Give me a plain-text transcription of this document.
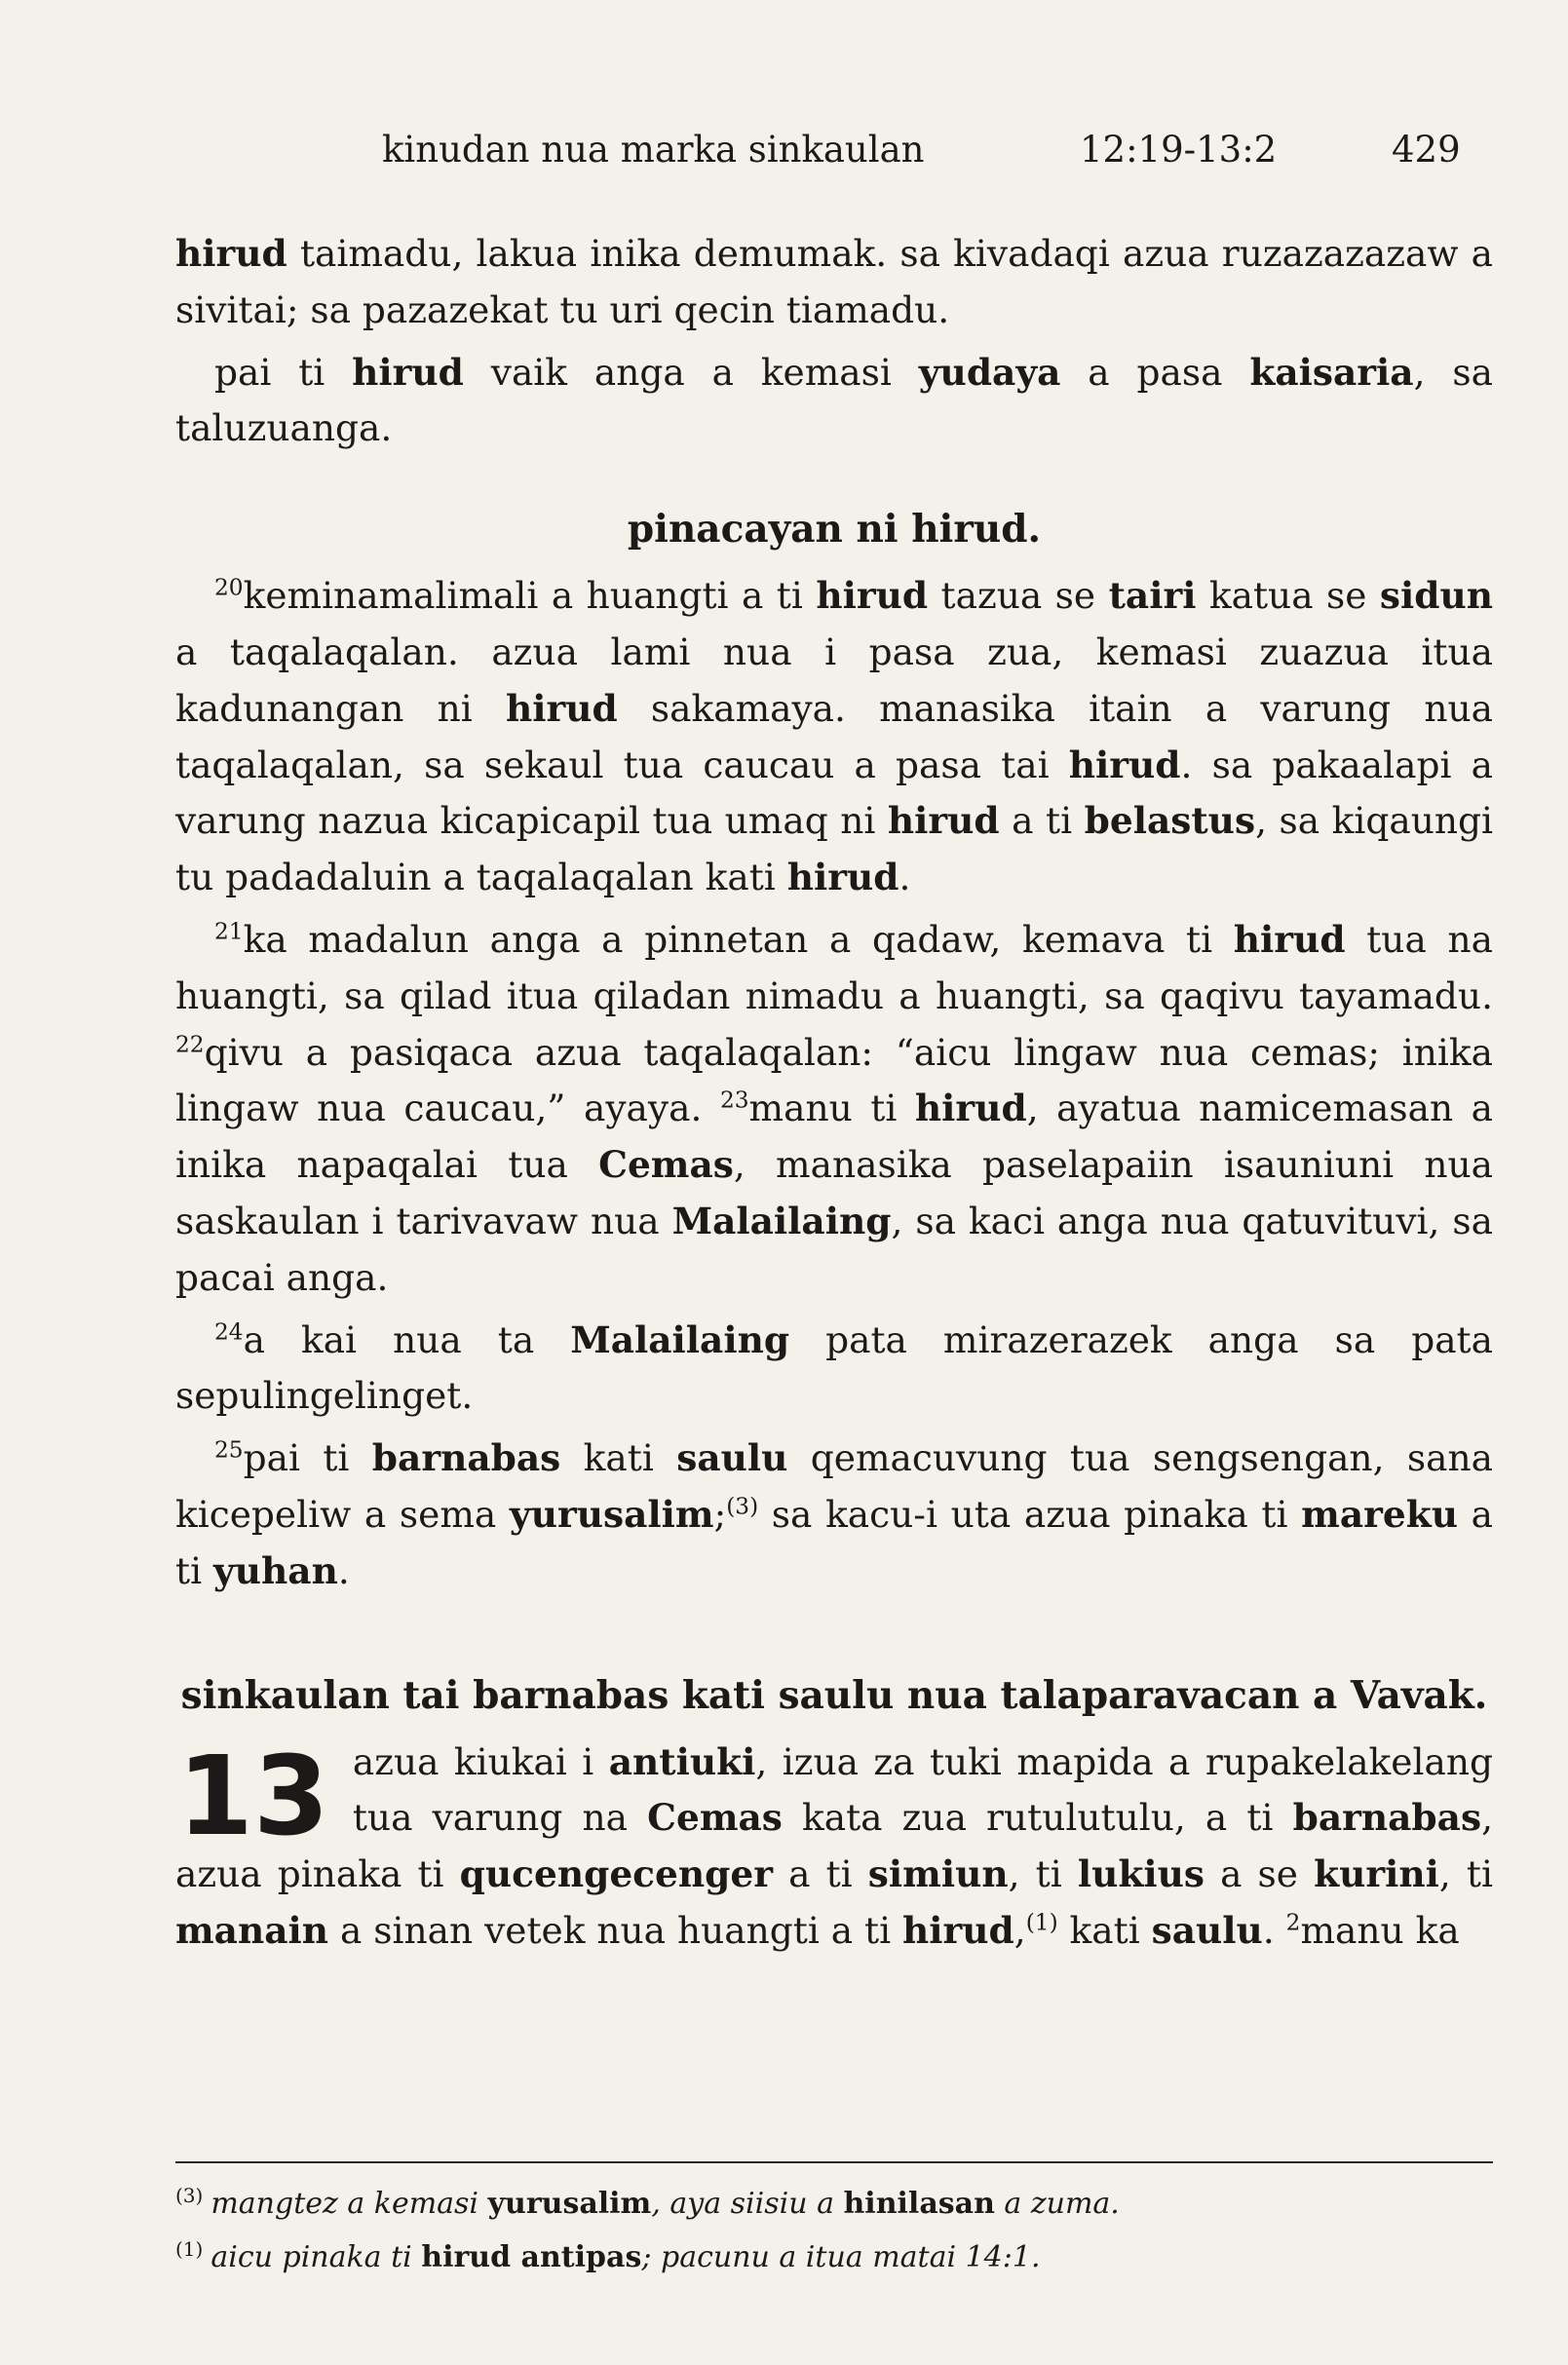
kinudan nua marka sinkaulan	12:19-13:2	429

hirud taimadu, lakua inika demumak. sa kivadaqi azua ruzazazazaw a sivitai; sa pazazekat tu uri qecin tiamadu.

pai ti hirud vaik anga a kemasi yudaya a pasa kaisaria, sa taluzuanga.

pinacayan ni hirud.

$^{20}$keminamalimali a huangti a ti hirud tazua se tairi katua se sidun a taqalaqalan. azua lami nua i pasa zua, kemasi zuazua itua kadunangan ni hirud sakamaya. manasika itain a varung nua taqalaqalan, sa sekaul tua caucau a pasa tai hirud. sa pakaalapi a varung nazua kicapicapil tua umaq ni hirud a ti belastus, sa kiqaungi tu padadaluin a taqalaqalan kati hirud.

$^{21}$ka madalun anga a pinnetan a qadaw, kemava ti hirud tua na huangti, sa qilad itua qiladan nimadu a huangti, sa qaqivu tayamadu. $^{22}$qivu a pasiqaca azua taqalaqalan: “aicu lingaw nua cemas; inika lingaw nua caucau,” ayaya. $^{23}$manu ti hirud, ayatua namicemasan a inika napaqalai tua Cemas, manasika paselapaiin isauniuni nua saskaulan i tarivavaw nua Malailaing, sa kaci anga nua qatuvituvi, sa pacai anga.

$^{24}$a kai nua ta Malailaing pata mirazerazek anga sa pata sepulingelinget.

$^{25}$pai ti barnabas kati saulu qemacuvung tua sengsengan, sana kicepeliw a sema yurusalim;$^{(3)}$ sa kacu-i uta azua pinaka ti mareku a ti yuhan.

sinkaulan tai barnabas kati saulu nua talaparavacan a Vavak.
13 azua kiukai i antiuki, izua za tuki mapida a rupakelakelang tua varung na Cemas kata zua rutulutulu, a ti barnabas, azua pinaka ti qucengecenger a ti simiun, ti lukius a se kurini, ti manain a sinan vetek nua huangti a ti hirud,$^{(1)}$ kati saulu. $^2$manu ka

$^{(3)}$ mangtez a kemasi yurusalim, aya siisiu a hinilasan a zuma.
$^{(1)}$ aicu pinaka ti hirud antipas; pacunu a itua matai 14:1.
